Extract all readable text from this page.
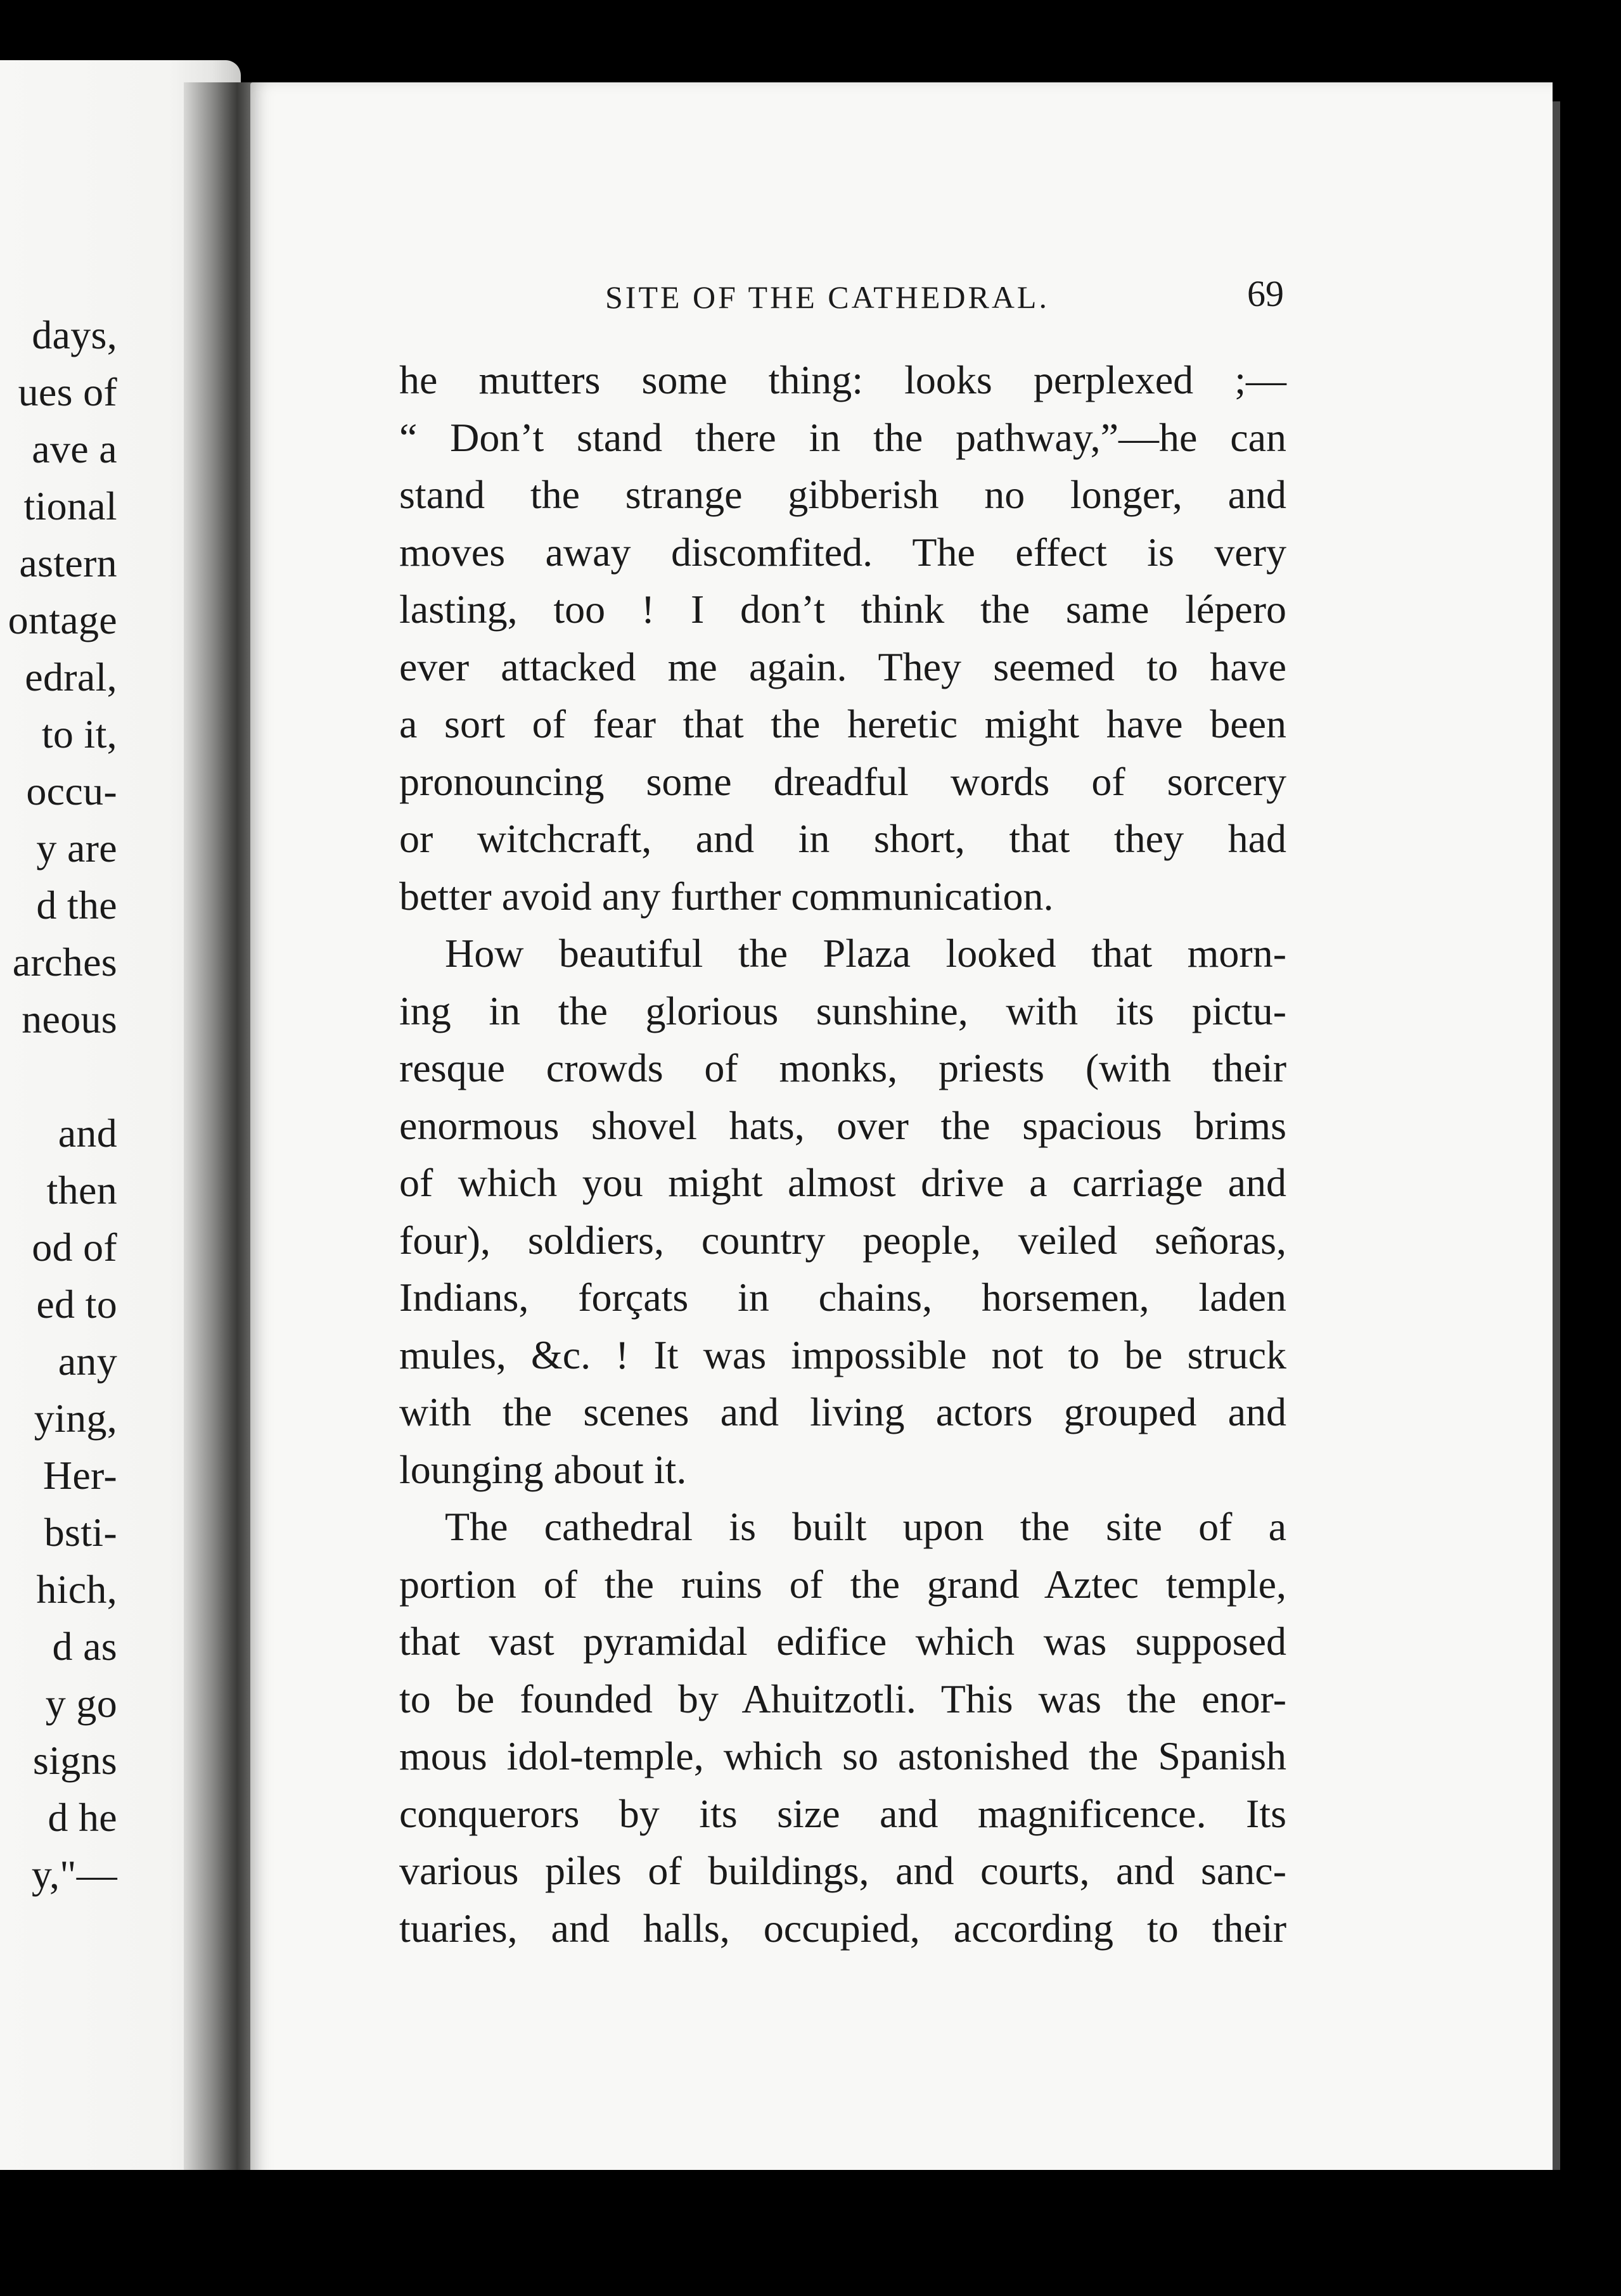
days,
ues of
ave a
tional
astern
ontage
edral,
to it,
occu-
y are
d the
arches
neous
and
then
od of
ed to
any
ying,
Her-
bsti-
hich,
d as
y go
signs
d he
y,"—
SITE OF THE CATHEDRAL.	69
he mutters some thing: looks perplexed ;—
“ Don’t stand there in the pathway,”—he can
stand the strange gibberish no longer, and
moves away discomfited. The effect is very
lasting, too ! I don’t think the same lépero
ever attacked me again. They seemed to have
a sort of fear that the heretic might have been
pronouncing some dreadful words of sorcery
or witchcraft, and in short, that they had
better avoid any further communication.
How beautiful the Plaza looked that morn-
ing in the glorious sunshine, with its pictu-
resque crowds of monks, priests (with their
enormous shovel hats, over the spacious brims
of which you might almost drive a carriage and
four), soldiers, country people, veiled señoras,
Indians, forçats in chains, horsemen, laden
mules, &c. ! It was impossible not to be struck
with the scenes and living actors grouped and
lounging about it.
The cathedral is built upon the site of a
portion of the ruins of the grand Aztec temple,
that vast pyramidal edifice which was supposed
to be founded by Ahuitzotli. This was the enor-
mous idol-temple, which so astonished the Spanish
conquerors by its size and magnificence. Its
various piles of buildings, and courts, and sanc-
tuaries, and halls, occupied, according to their
